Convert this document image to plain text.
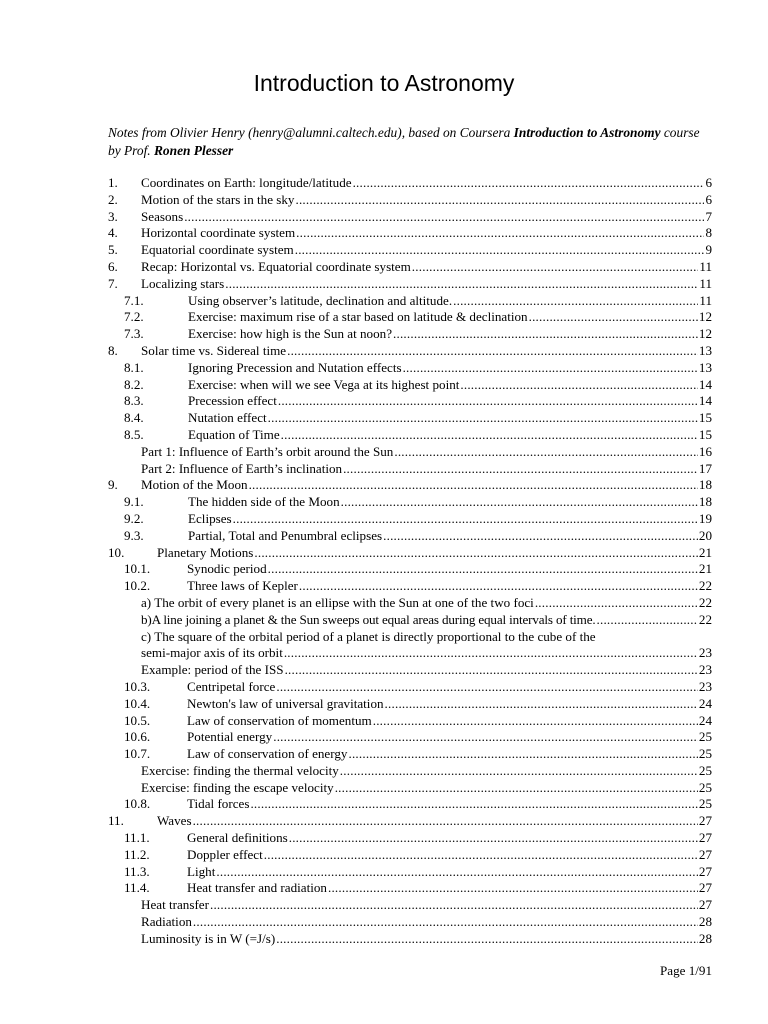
Introduction to Astronomy
Notes from Olivier Henry (henry@alumni.caltech.edu), based on Coursera Introduction to Astronomy course by Prof. Ronen Plesser
1.	Coordinates on Earth: longitude/latitude .....	6
2.	Motion of the stars in the sky .....	6
3.	Seasons .....	7
4.	Horizontal coordinate system .....	8
5.	Equatorial coordinate system .....	9
6.	Recap: Horizontal vs. Equatorial coordinate system .....	11
7.	Localizing stars .....	11
7.1.	Using observer’s latitude, declination and altitude. .....	11
7.2.	Exercise: maximum rise of a star based on latitude & declination .....	12
7.3.	Exercise: how high is the Sun at noon? .....	12
8.	Solar time vs. Sidereal time .....	13
8.1.	Ignoring Precession and Nutation effects .....	13
8.2.	Exercise: when will we see Vega at its highest point .....	14
8.3.	Precession effect .....	14
8.4.	Nutation effect .....	15
8.5.	Equation of Time .....	15
Part 1: Influence of Earth’s orbit around the Sun .....	16
Part 2: Influence of Earth’s inclination .....	17
9.	Motion of the Moon .....	18
9.1.	The hidden side of the Moon .....	18
9.2.	Eclipses .....	19
9.3.	Partial, Total and Penumbral eclipses .....	20
10.	Planetary Motions .....	21
10.1.	Synodic period .....	21
10.2.	Three laws of Kepler .....	22
a) The orbit of every planet is an ellipse with the Sun at one of the two foci .....	22
b)A line joining a planet & the Sun sweeps out equal areas during equal intervals of time. .....	22
c) The square of the orbital period of a planet is directly proportional to the cube of the
semi-major axis of its orbit .....	23
Example: period of the ISS .....	23
10.3.	Centripetal force .....	23
10.4.	Newton's law of universal gravitation .....	24
10.5.	Law of conservation of momentum .....	24
10.6.	Potential energy .....	25
10.7.	Law of conservation of energy .....	25
Exercise: finding the thermal velocity .....	25
Exercise: finding the escape velocity .....	25
10.8.	Tidal forces .....	25
11.	Waves .....	27
11.1.	General definitions .....	27
11.2.	Doppler effect .....	27
11.3.	Light .....	27
11.4.	Heat transfer and radiation .....	27
Heat transfer .....	27
Radiation .....	28
Luminosity is in W (=J/s) .....	28
Page 1/91
